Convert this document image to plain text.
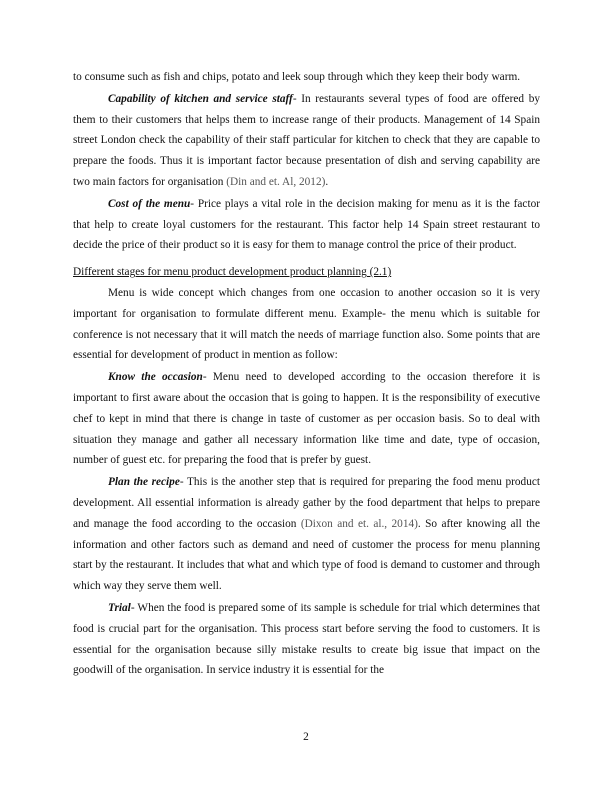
to consume such as fish and chips, potato and leek soup through which they keep their body warm.

Capability of kitchen and service staff- In restaurants several types of food are offered by them to their customers that helps them to increase range of their products. Management of 14 Spain street London check the capability of their staff particular for kitchen to check that they are capable to prepare the foods. Thus it is important factor because presentation of dish and serving capability are two main factors for organisation (Din and et. Al, 2012).

Cost of the menu- Price plays a vital role in the decision making for menu as it is the factor that help to create loyal customers for the restaurant. This factor help 14 Spain street restaurant to decide the price of their product so it is easy for them to manage control the price of their product.

Different stages for menu product development product planning (2.1)

Menu is wide concept which changes from one occasion to another occasion so it is very important for organisation to formulate different menu. Example- the menu which is suitable for conference is not necessary that it will match the needs of marriage function also. Some points that are essential for development of product in mention as follow:

Know the occasion- Menu need to developed according to the occasion therefore it is important to first aware about the occasion that is going to happen. It is the responsibility of executive chef to kept in mind that there is change in taste of customer as per occasion basis. So to deal with situation they manage and gather all necessary information like time and date, type of occasion, number of guest etc. for preparing the food that is prefer by guest.

Plan the recipe- This is the another step that is required for preparing the food menu product development. All essential information is already gather by the food department that helps to prepare and manage the food according to the occasion (Dixon and et. al., 2014). So after knowing all the information and other factors such as demand and need of customer the process for menu planning start by the restaurant. It includes that what and which type of food is demand to customer and through which way they serve them well.

Trial- When the food is prepared some of its sample is schedule for trial which determines that food is crucial part for the organisation. This process start before serving the food to customers. It is essential for the organisation because silly mistake results to create big issue that impact on the goodwill of the organisation. In service industry it is essential for the

2
